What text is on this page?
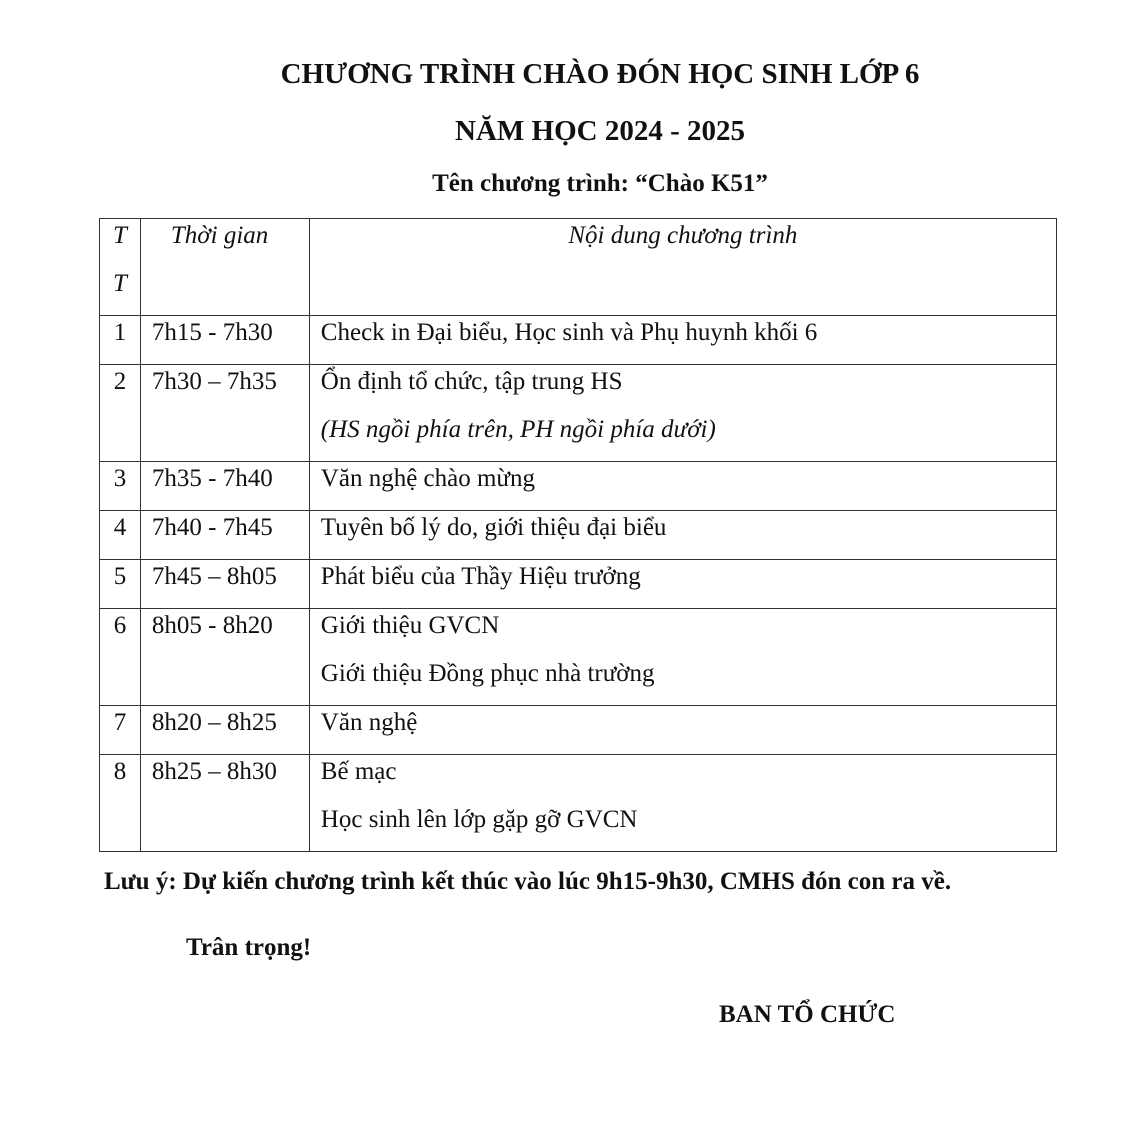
CHƯƠNG TRÌNH CHÀO ĐÓN HỌC SINH LỚP 6
NĂM HỌC 2024 - 2025
Tên chương trình: “Chào K51”
T
T	Thời gian	Nội dung chương trình

1	7h15 - 7h30	Check in Đại biểu, Học sinh và Phụ huynh khối 6

2	7h30 – 7h35	Ổn định tổ chức, tập trung HS
(HS ngồi phía trên, PH ngồi phía dưới)

3	7h35 - 7h40	Văn nghệ chào mừng

4	7h40 - 7h45	Tuyên bố lý do, giới thiệu đại biểu

5	7h45 – 8h05	Phát biểu của Thầy Hiệu trưởng

6	8h05 - 8h20	Giới thiệu GVCN
Giới thiệu Đồng phục nhà trường

7	8h20 – 8h25	Văn nghệ

8	8h25 – 8h30	Bế mạc
Học sinh lên lớp gặp gỡ GVCN
Lưu ý: Dự kiến chương trình kết thúc vào lúc 9h15-9h30, CMHS đón con ra về.
Trân trọng!
BAN TỔ CHỨC
